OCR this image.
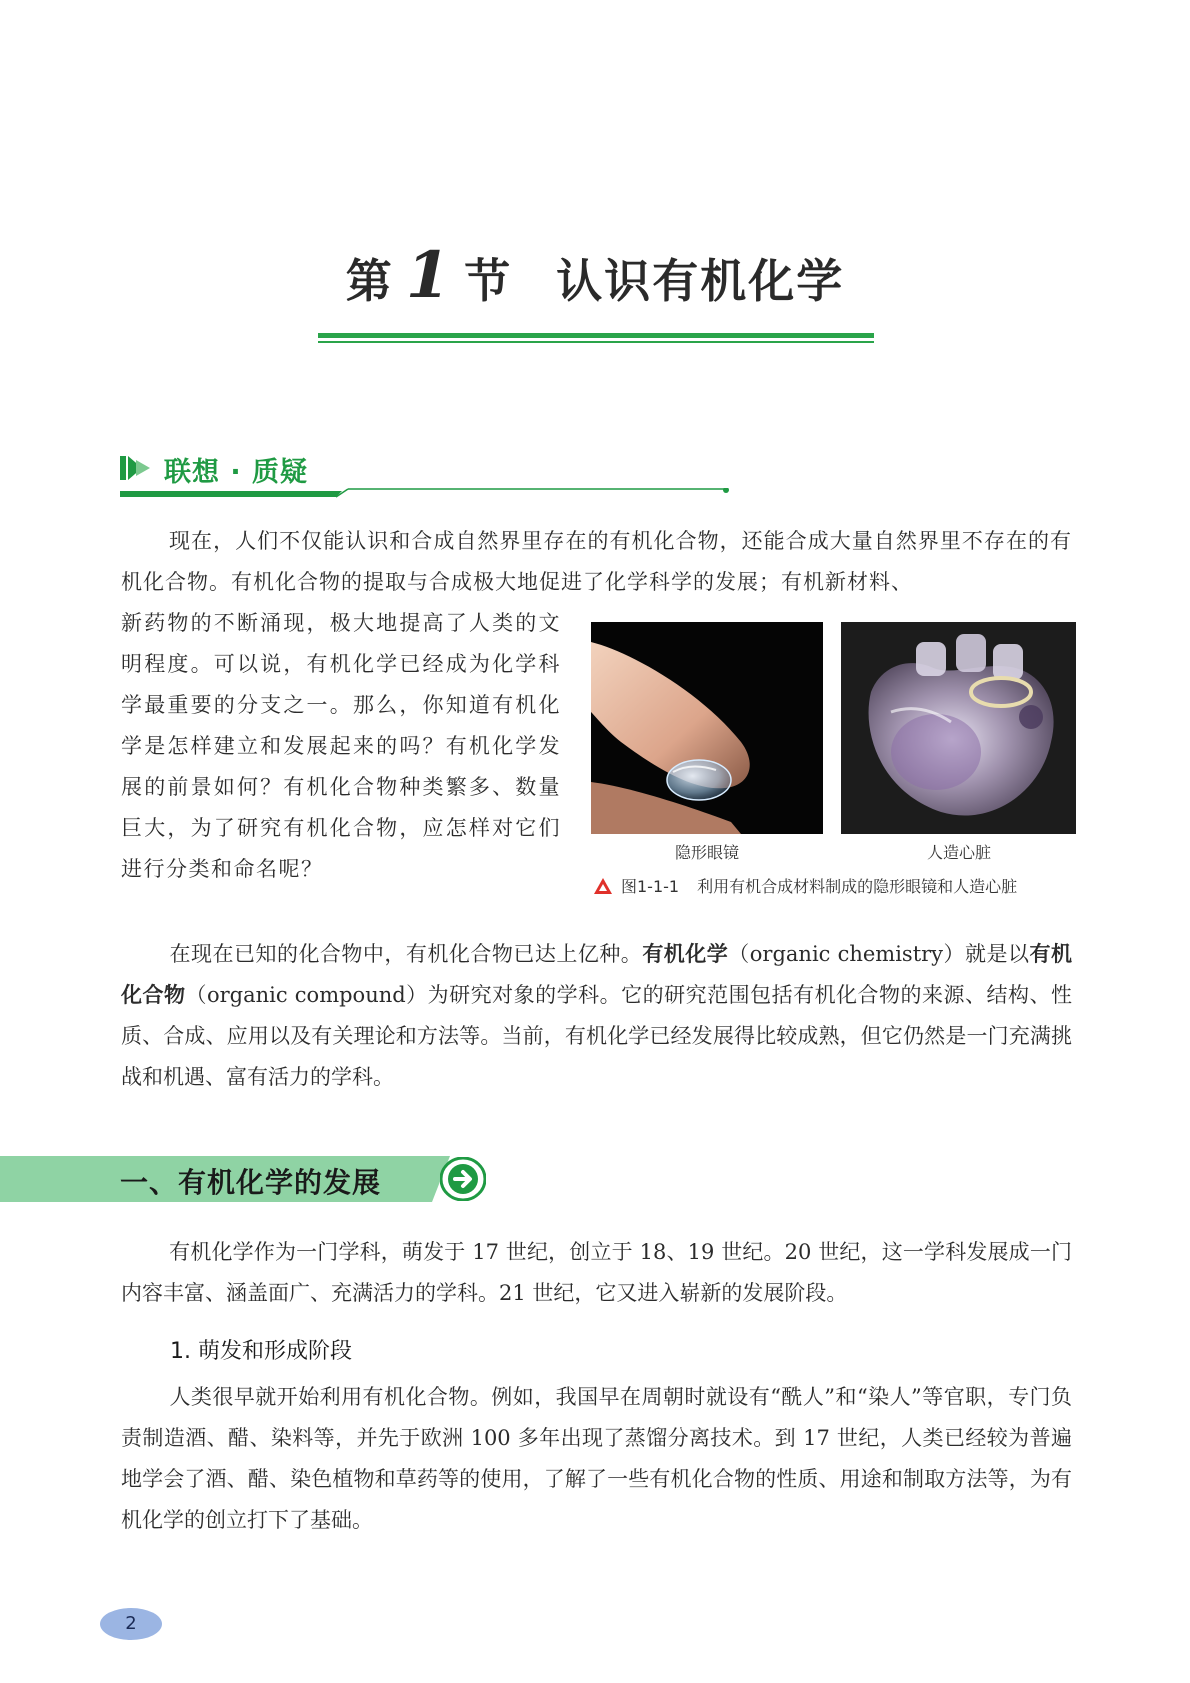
第 1 节 认识有机化学
联想 · 质疑
现在，人们不仅能认识和合成自然界里存在的有机化合物，还能合成大量自然界里不存在的有机化合物。有机化合物的提取与合成极大地促进了化学科学的发展；有机新材料、
新药物的不断涌现，极大地提高了人类的文明程度。可以说，有机化学已经成为化学科学最重要的分支之一。那么，你知道有机化学是怎样建立和发展起来的吗？有机化学发展的前景如何？有机化合物种类繁多、数量巨大，为了研究有机化合物，应怎样对它们进行分类和命名呢？
隐形眼镜	人造心脏
图1-1-1 利用有机合成材料制成的隐形眼镜和人造心脏
在现在已知的化合物中，有机化合物已达上亿种。有机化学（organic chemistry）就是以有机化合物（organic compound）为研究对象的学科。它的研究范围包括有机化合物的来源、结构、性质、合成、应用以及有关理论和方法等。当前，有机化学已经发展得比较成熟，但它仍然是一门充满挑战和机遇、富有活力的学科。
一、有机化学的发展
有机化学作为一门学科，萌发于 17 世纪，创立于 18、19 世纪。20 世纪，这一学科发展成一门内容丰富、涵盖面广、充满活力的学科。21 世纪，它又进入崭新的发展阶段。
1. 萌发和形成阶段
人类很早就开始利用有机化合物。例如，我国早在周朝时就设有“酰人”和“染人”等官职，专门负责制造酒、醋、染料等，并先于欧洲 100 多年出现了蒸馏分离技术。到 17 世纪，人类已经较为普遍地学会了酒、醋、染色植物和草药等的使用，了解了一些有机化合物的性质、用途和制取方法等，为有机化学的创立打下了基础。
2
